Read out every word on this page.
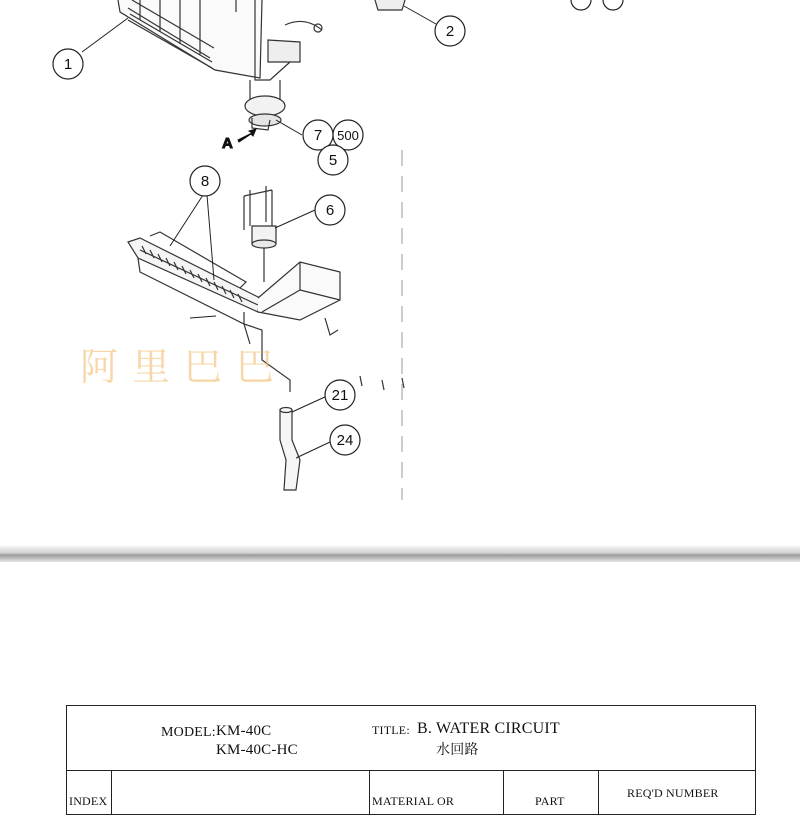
A
阿里巴巴
1
2
7 500
5
8
6
21
24
MODEL: KM-40C
KM-40C-HC
TITLE: B. WATER CIRCUIT
水回路
INDEX	MATERIAL OR	PART
REQ'D NUMBER
